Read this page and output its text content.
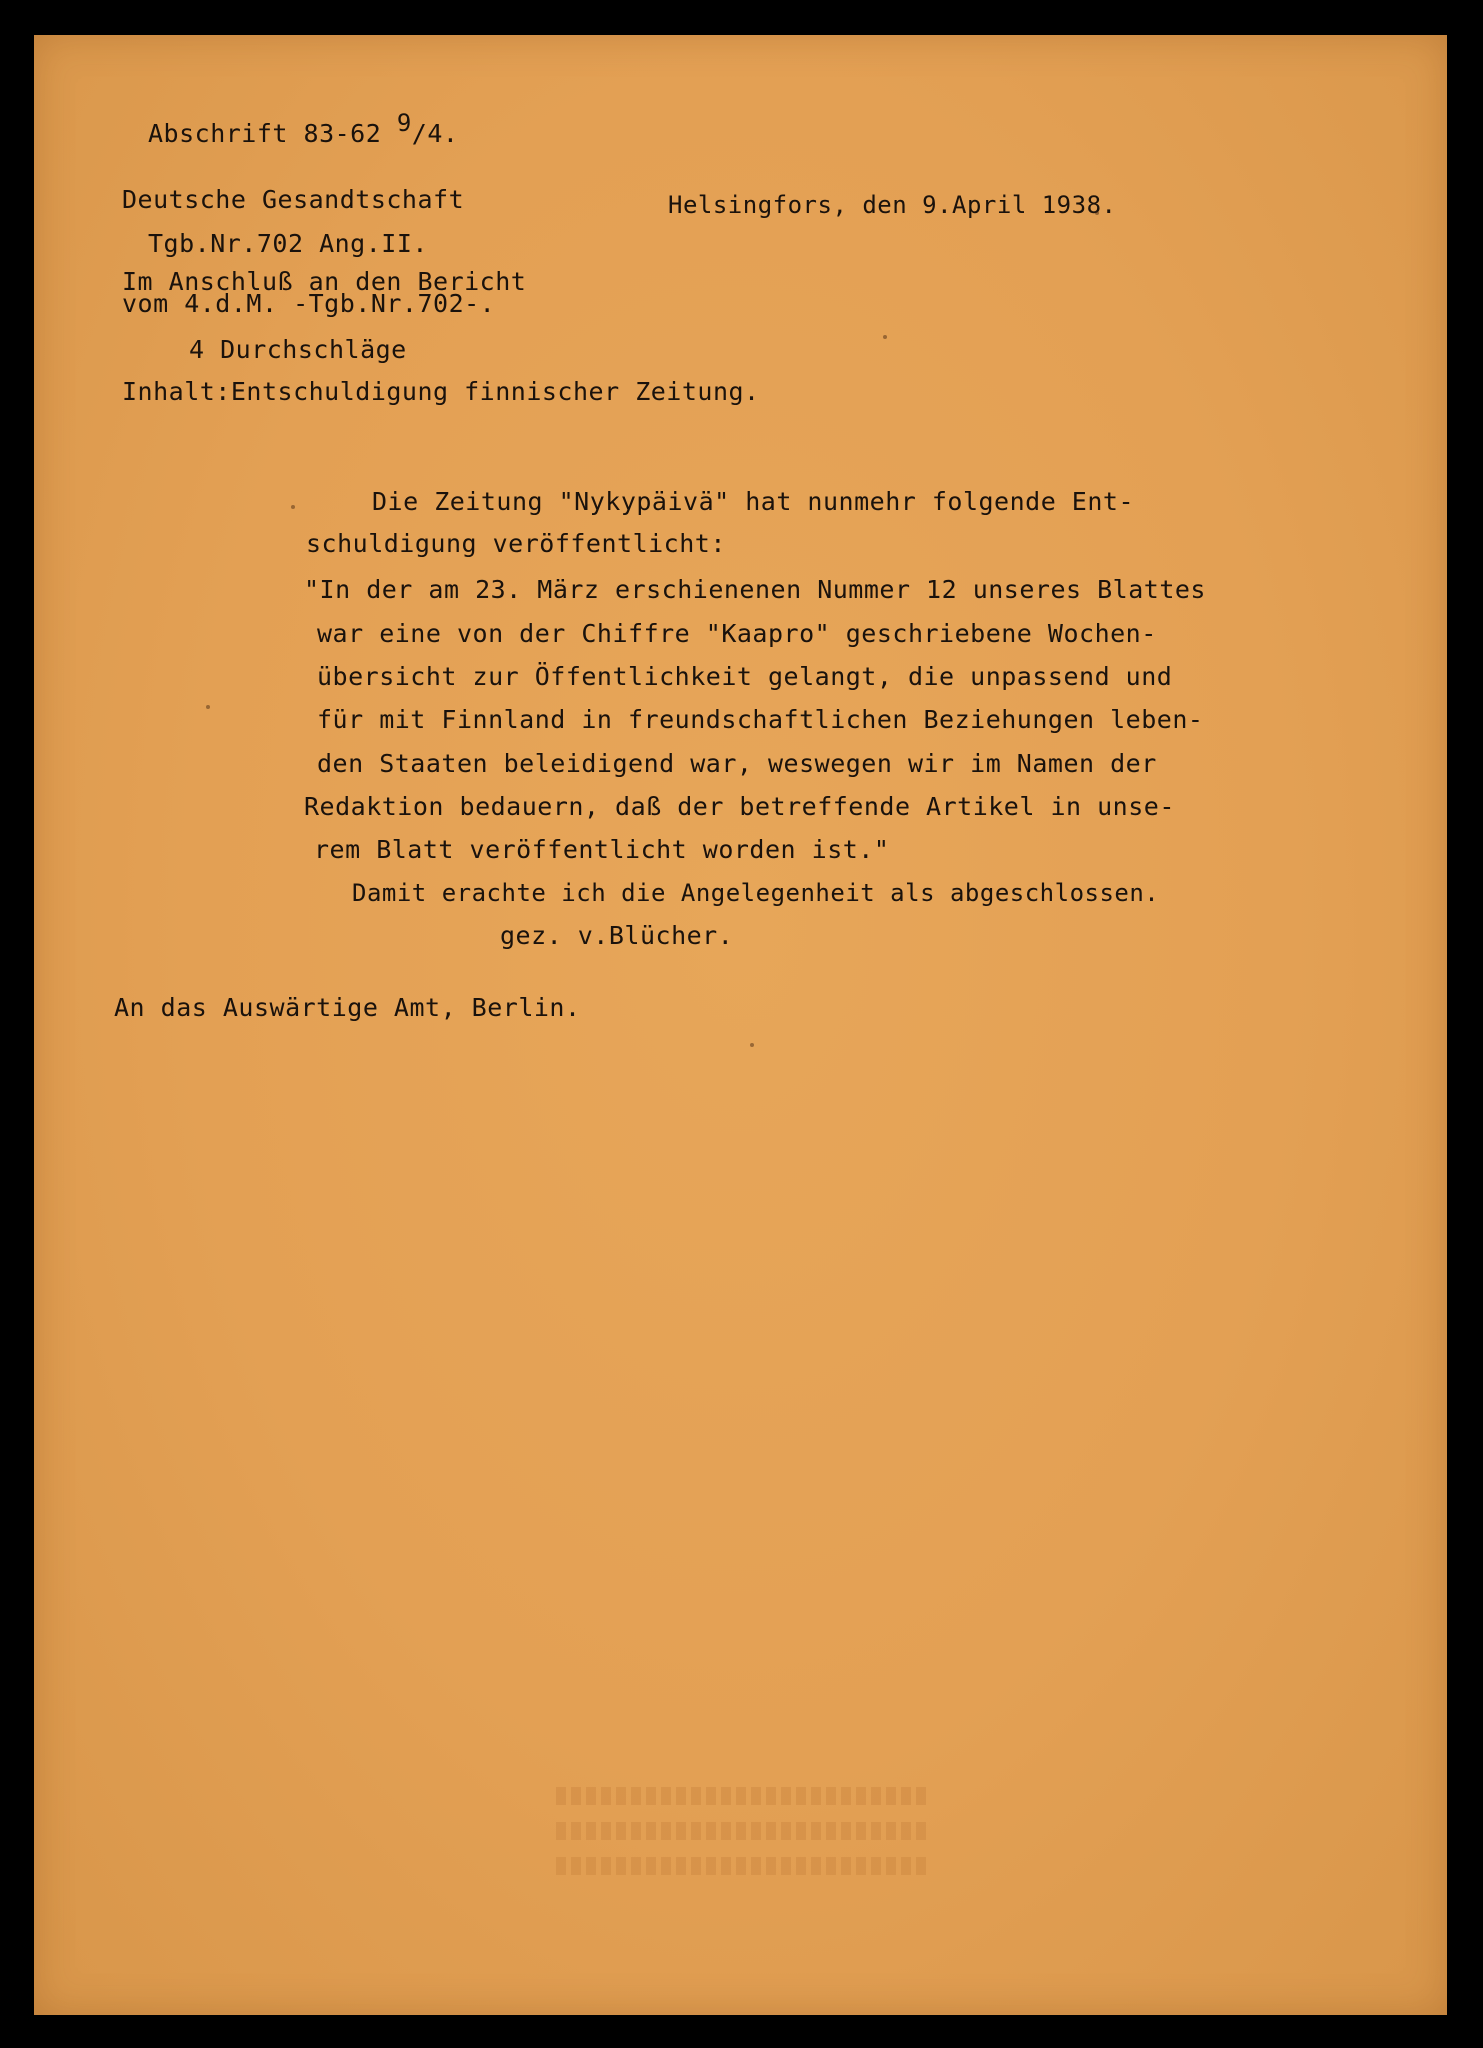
Abschrift 83-62 9/4.

Deutsche Gesandtschaft	Helsingfors, den 9.April 1938.

Tgb.Nr.702 Ang.II.

Im Anschluß an den Bericht

vom 4.d.M. -Tgb.Nr.702-.

4 Durchschläge

Inhalt:Entschuldigung finnischer Zeitung.

Die Zeitung "Nykypäivä" hat nunmehr folgende Ent-

schuldigung veröffentlicht:

"In der am 23. März erschienenen Nummer 12 unseres Blattes

war eine von der Chiffre "Kaapro" geschriebene Wochen-

übersicht zur Öffentlichkeit gelangt, die unpassend und

für mit Finnland in freundschaftlichen Beziehungen leben-

den Staaten beleidigend war, weswegen wir im Namen der

Redaktion bedauern, daß der betreffende Artikel in unse-

rem Blatt veröffentlicht worden ist."

Damit erachte ich die Angelegenheit als abgeschlossen.

gez. v.Blücher.

An das Auswärtige Amt, Berlin.
